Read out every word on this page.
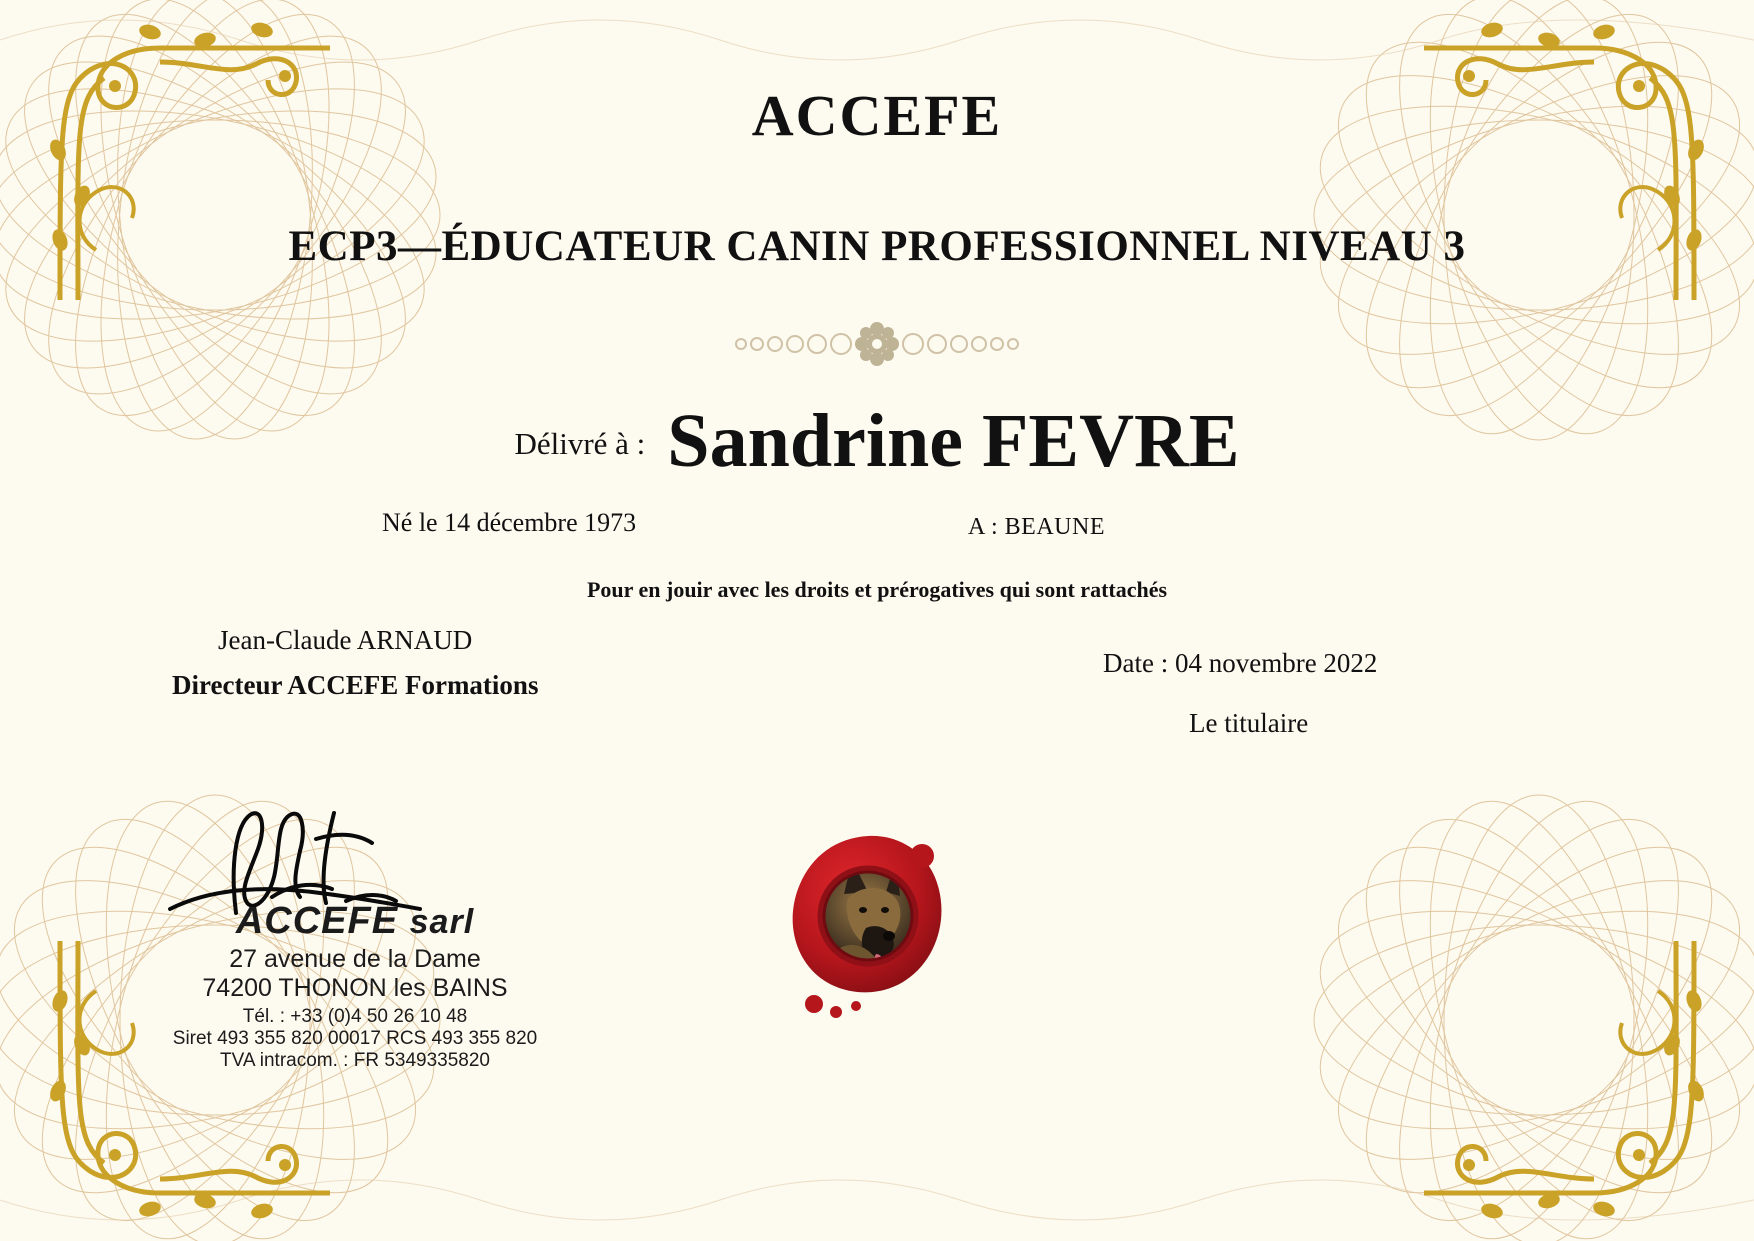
ACCEFE
ECP3—ÉDUCATEUR CANIN PROFESSIONNEL NIVEAU 3
Délivré à : Sandrine FEVRE
Né le 14 décembre 1973	A : BEAUNE
Pour en jouir avec les droits et prérogatives qui sont rattachés
Jean-Claude ARNAUD
Directeur ACCEFE Formations
Date : 04 novembre 2022
Le titulaire
ACCEFE sarl
27 avenue de la Dame
74200 THONON les BAINS
Tél. : +33 (0)4 50 26 10 48
Siret 493 355 820 00017 RCS 493 355 820
TVA intracom. : FR 5349335820
